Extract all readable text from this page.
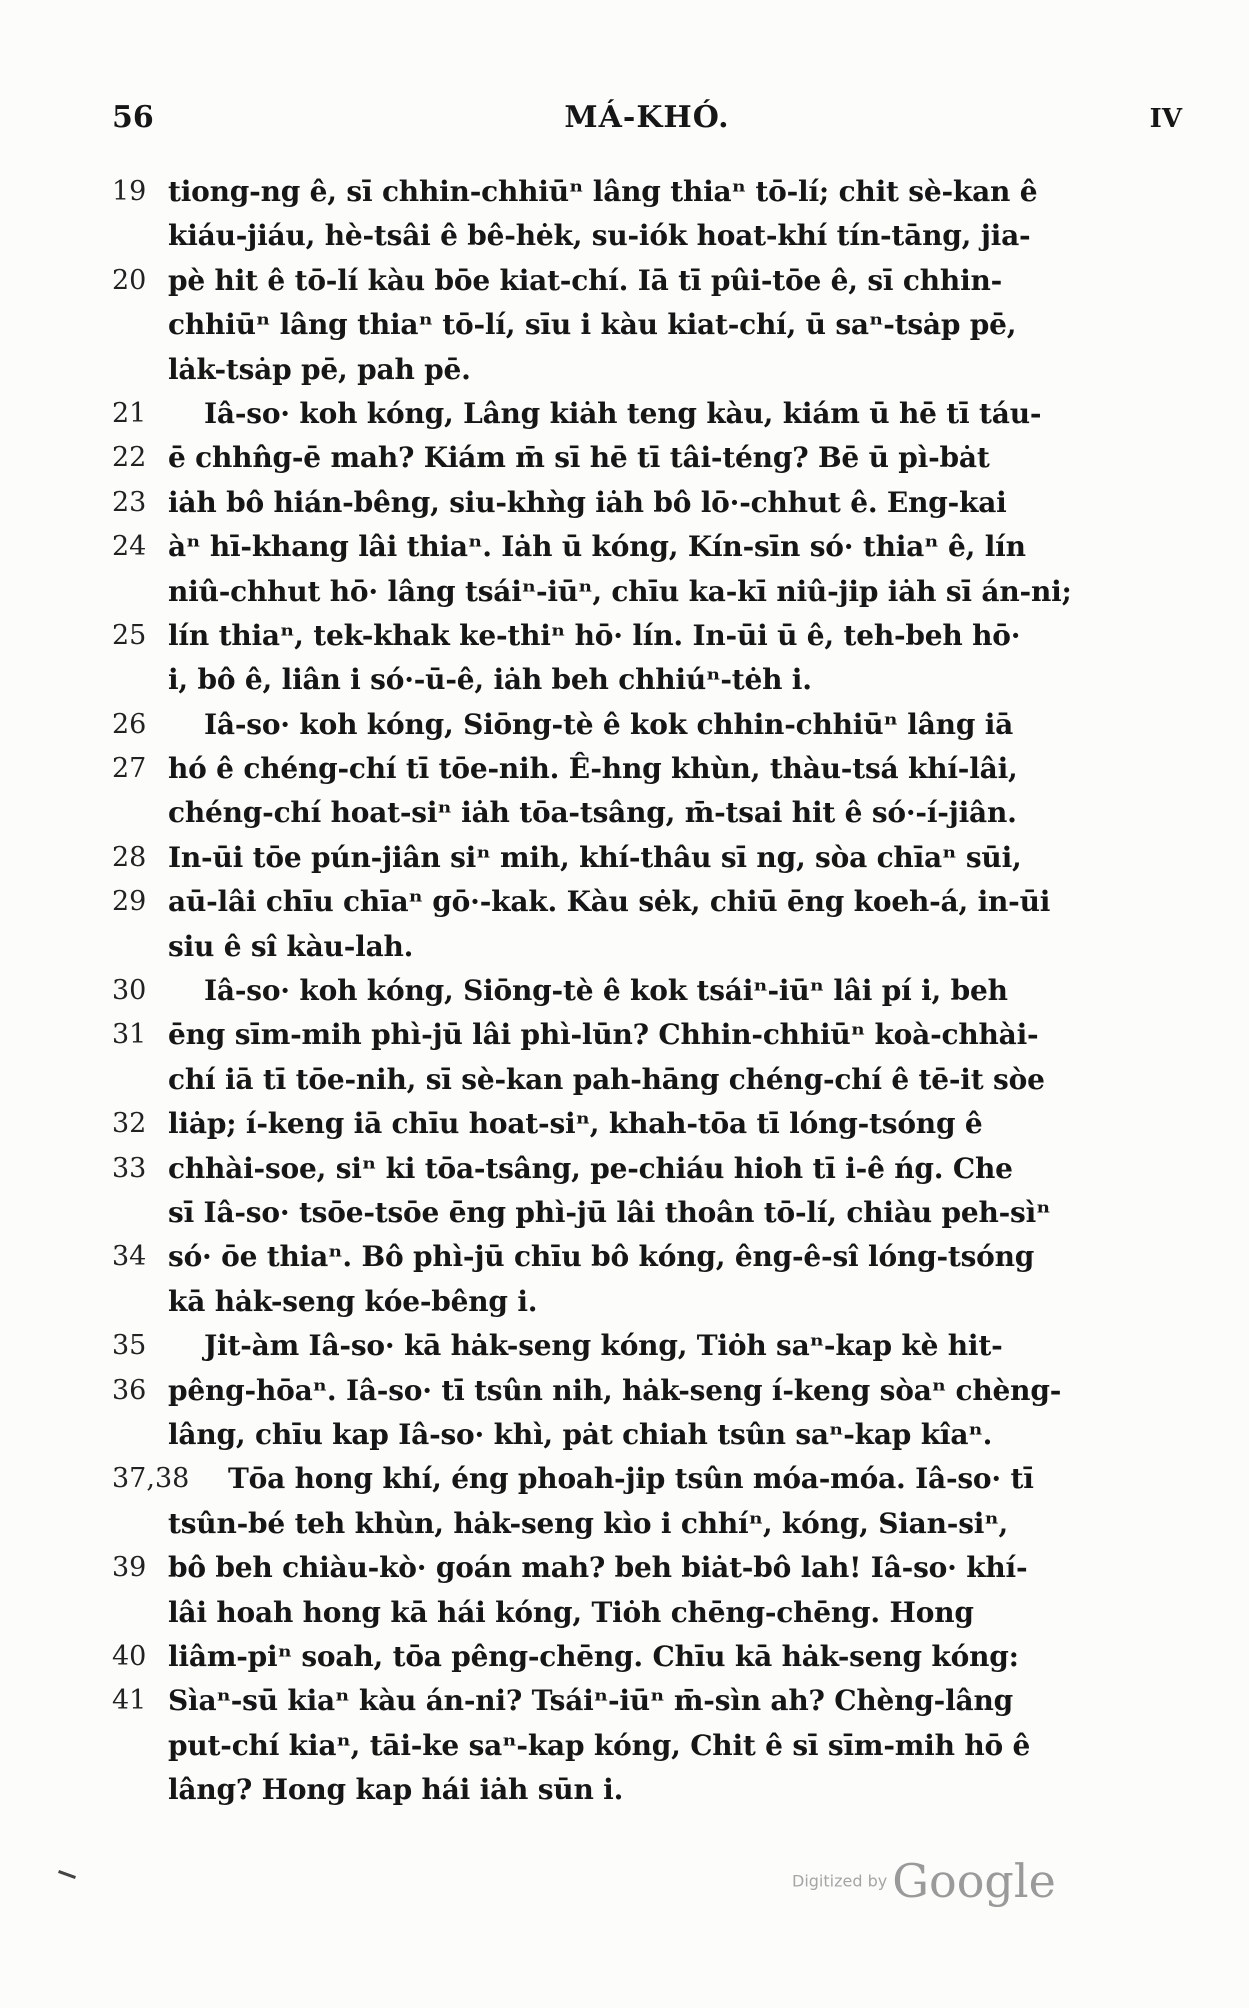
56	MÁ-KHÓ.	IV
19 tiong-ng ê, sī chhin-chhiūⁿ lâng thiaⁿ tō-lí; chit sè-kan ê
kiáu-jiáu, hè-tsâi ê bê-hėk, su-iók hoat-khí tín-tāng, jia-
20 pè hit ê tō-lí kàu bōe kiat-chí. Iā tī pûi-tōe ê, sī chhin-
chhiūⁿ lâng thiaⁿ tō-lí, sīu i kàu kiat-chí, ū saⁿ-tsȧp pē,
lȧk-tsȧp pē, pah pē.
21	Iâ-so· koh kóng, Lâng kiȧh teng kàu, kiám ū hē tī táu-
22 ē chhn̂g-ē mah? Kiám m̄ sī hē tī tâi-téng? Bē ū pì-bȧt
23 iȧh bô hián-bêng, siu-khǹg iȧh bô lō·-chhut ê. Eng-kai
24 àⁿ hī-khang lâi thiaⁿ. Iȧh ū kóng, Kín-sīn só· thiaⁿ ê, lín
niû-chhut hō· lâng tsáiⁿ-iūⁿ, chīu ka-kī niû-jip iȧh sī án-ni;
25 lín thiaⁿ, tek-khak ke-thiⁿ hō· lín. In-ūi ū ê, teh-beh hō·
i, bô ê, liân i só·-ū-ê, iȧh beh chhiúⁿ-tėh i.
26	Iâ-so· koh kóng, Siōng-tè ê kok chhin-chhiūⁿ lâng iā
27 hó ê chéng-chí tī tōe-nih. Ê-hng khùn, thàu-tsá khí-lâi,
chéng-chí hoat-siⁿ iȧh tōa-tsâng, m̄-tsai hit ê só·-í-jiân.
28 In-ūi tōe pún-jiân siⁿ mih, khí-thâu sī ng, sòa chīaⁿ sūi,
29 aū-lâi chīu chīaⁿ gō·-kak. Kàu sėk, chiū ēng koeh-á, in-ūi
siu ê sî kàu-lah.
30	Iâ-so· koh kóng, Siōng-tè ê kok tsáiⁿ-iūⁿ lâi pí i, beh
31 ēng sīm-mih phì-jū lâi phì-lūn? Chhin-chhiūⁿ koà-chhài-
chí iā tī tōe-nih, sī sè-kan pah-hāng chéng-chí ê tē-it sòe
32 liȧp; í-keng iā chīu hoat-siⁿ, khah-tōa tī lóng-tsóng ê
33 chhài-soe, siⁿ ki tōa-tsâng, pe-chiáu hioh tī i-ê ńg. Che
sī Iâ-so· tsōe-tsōe ēng phì-jū lâi thoân tō-lí, chiàu peh-sìⁿ
34 só· ōe thiaⁿ. Bô phì-jū chīu bô kóng, êng-ê-sî lóng-tsóng
kā hȧk-seng kóe-bêng i.
35	Jit-àm Iâ-so· kā hȧk-seng kóng, Tiȯh saⁿ-kap kè hit-
36 pêng-hōaⁿ. Iâ-so· tī tsûn nih, hȧk-seng í-keng sòaⁿ chèng-
lâng, chīu kap Iâ-so· khì, pȧt chiah tsûn saⁿ-kap kîaⁿ.
37,38 Tōa hong khí, éng phoah-jip tsûn móa-móa. Iâ-so· tī
tsûn-bé teh khùn, hȧk-seng kìo i chhíⁿ, kóng, Sian-siⁿ,
39 bô beh chiàu-kò· goán mah? beh biȧt-bô lah! Iâ-so· khí-
lâi hoah hong kā hái kóng, Tiȯh chēng-chēng. Hong
40 liâm-piⁿ soah, tōa pêng-chēng. Chīu kā hȧk-seng kóng:
41 Sìaⁿ-sū kiaⁿ kàu án-ni? Tsáiⁿ-iūⁿ m̄-sìn ah? Chèng-lâng
put-chí kiaⁿ, tāi-ke saⁿ-kap kóng, Chit ê sī sīm-mih hō ê
lâng? Hong kap hái iȧh sūn i.
Digitized by Google
